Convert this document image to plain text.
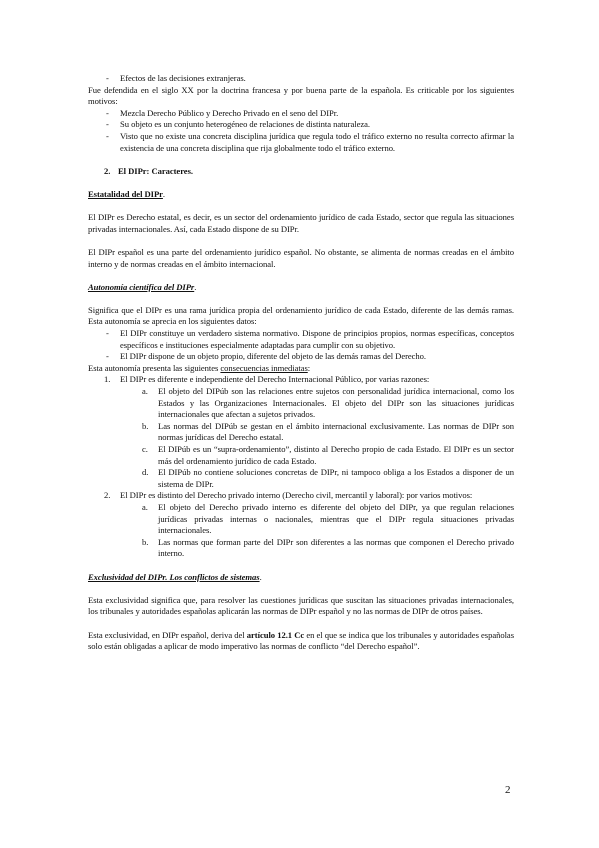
- Efectos de las decisiones extranjeras.

Fue defendida en el siglo XX por la doctrina francesa y por buena parte de la española. Es criticable por los siguientes motivos:

- Mezcla Derecho Público y Derecho Privado en el seno del DIPr.
- Su objeto es un conjunto heterogéneo de relaciones de distinta naturaleza.
- Visto que no existe una concreta disciplina jurídica que regula todo el tráfico externo no resulta correcto afirmar la existencia de una concreta disciplina que rija globalmente todo el tráfico externo.
2. El DIPr: Caracteres.

Estatalidad del DIPr.

El DIPr es Derecho estatal, es decir, es un sector del ordenamiento jurídico de cada Estado, sector que regula las situaciones privadas internacionales. Así, cada Estado dispone de su DIPr.

El DIPr español es una parte del ordenamiento jurídico español. No obstante, se alimenta de normas creadas en el ámbito interno y de normas creadas en el ámbito internacional.

Autonomía científica del DIPr.

Significa que el DIPr es una rama jurídica propia del ordenamiento jurídico de cada Estado, diferente de las demás ramas. Esta autonomía se aprecia en los siguientes datos:

- El DIPr constituye un verdadero sistema normativo. Dispone de principios propios, normas específicas, conceptos específicos e instituciones especialmente adaptadas para cumplir con su objetivo.
- El DIPr dispone de un objeto propio, diferente del objeto de las demás ramas del Derecho.

Esta autonomía presenta las siguientes consecuencias inmediatas:

1. El DIPr es diferente e independiente del Derecho Internacional Público, por varias razones:
a. El objeto del DIPúb son las relaciones entre sujetos con personalidad jurídica internacional, como los Estados y las Organizaciones Internacionales. El objeto del DIPr son las situaciones jurídicas internacionales que afectan a sujetos privados.
b. Las normas del DIPúb se gestan en el ámbito internacional exclusivamente. Las normas de DIPr son normas jurídicas del Derecho estatal.
c. El DIPúb es un “supra-ordenamiento”, distinto al Derecho propio de cada Estado. El DIPr es un sector más del ordenamiento jurídico de cada Estado.
d. El DIPúb no contiene soluciones concretas de DIPr, ni tampoco obliga a los Estados a disponer de un sistema de DIPr.
2. El DIPr es distinto del Derecho privado interno (Derecho civil, mercantil y laboral): por varios motivos:
a. El objeto del Derecho privado interno es diferente del objeto del DIPr, ya que regulan relaciones jurídicas privadas internas o nacionales, mientras que el DIPr regula situaciones privadas internacionales.
b. Las normas que forman parte del DIPr son diferentes a las normas que componen el Derecho privado interno.

Exclusividad del DIPr. Los conflictos de sistemas.

Esta exclusividad significa que, para resolver las cuestiones jurídicas que suscitan las situaciones privadas internacionales, los tribunales y autoridades españolas aplicarán las normas de DIPr español y no las normas de DIPr de otros países.

Esta exclusividad, en DIPr español, deriva del artículo 12.1 Cc en el que se indica que los tribunales y autoridades españolas solo están obligadas a aplicar de modo imperativo las normas de conflicto “del Derecho español”.

2
